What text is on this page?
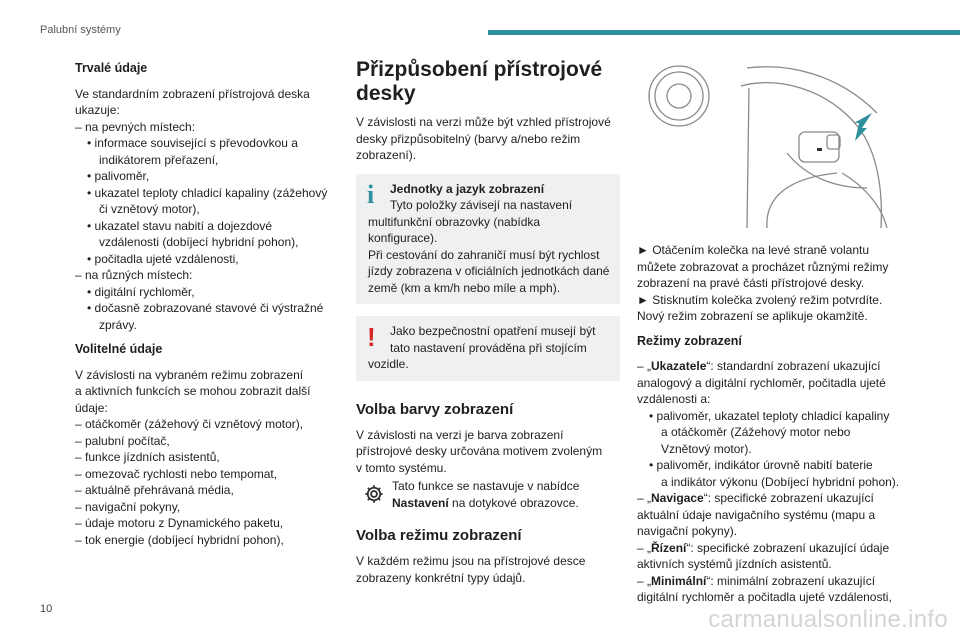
Palubní systémy
Trvalé údaje

Ve standardním zobrazení přístrojová deska

ukazuje:

– na pevných místech:

• informace související s převodovkou a

indikátorem přeřazení,

• palivoměr,

• ukazatel teploty chladicí kapaliny (zážehový

či vznětový motor),

• ukazatel stavu nabití a dojezdové

vzdálenosti (dobíjecí hybridní pohon),

• počitadla ujeté vzdálenosti,

– na různých místech:

• digitální rychloměr,

• dočasně zobrazované stavové či výstražné

zprávy.

Volitelné údaje

V závislosti na vybraném režimu zobrazení

a aktivních funkcích se mohou zobrazit další

údaje:

– otáčkoměr (zážehový či vznětový motor),

– palubní počítač,

– funkce jízdních asistentů,

– omezovač rychlosti nebo tempomat,

– aktuálně přehrávaná média,

– navigační pokyny,

– údaje motoru z Dynamického paketu,

– tok energie (dobíjecí hybridní pohon),

Přizpůsobení přístrojové
desky

V závislosti na verzi může být vzhled přístrojové

desky přizpůsobitelný (barvy a/nebo režim

zobrazení).

i	Jednotky a jazyk zobrazení

Tyto položky závisejí na nastavení

multifunkční obrazovky (nabídka konfigurace).

Při cestování do zahraničí musí být rychlost

jízdy zobrazena v oficiálních jednotkách dané

země (km a km/h nebo míle a mph).

!	Jako bezpečnostní opatření musejí být

tato nastavení prováděna při stojícím

vozidle.

Volba barvy zobrazení

V závislosti na verzi je barva zobrazení

přístrojové desky určována motivem zvoleným

v tomto systému.

Tato funkce se nastavuje v nabídce

Nastavení na dotykové obrazovce.

Volba režimu zobrazení

V každém režimu jsou na přístrojové desce

zobrazeny konkrétní typy údajů.

► Otáčením kolečka na levé straně volantu

můžete zobrazovat a procházet různými režimy

zobrazení na pravé části přístrojové desky.

► Stisknutím kolečka zvolený režim potvrdíte.

Nový režim zobrazení se aplikuje okamžitě.

Režimy zobrazení

– „Ukazatele“: standardní zobrazení ukazující

analogový a digitální rychloměr, počitadla ujeté

vzdálenosti a:

• palivoměr, ukazatel teploty chladicí kapaliny

a otáčkoměr (Zážehový motor nebo

Vznětový motor).

• palivoměr, indikátor úrovně nabití baterie

a indikátor výkonu (Dobíjecí hybridní pohon).

– „Navigace“: specifické zobrazení ukazující

aktuální údaje navigačního systému (mapu a

navigační pokyny).

– „Řízení“: specifické zobrazení ukazující údaje

aktivních systémů jízdních asistentů.

– „Minimální“: minimální zobrazení ukazující

digitální rychloměr a počitadla ujeté vzdálenosti,

10	carmanualsonline.info
